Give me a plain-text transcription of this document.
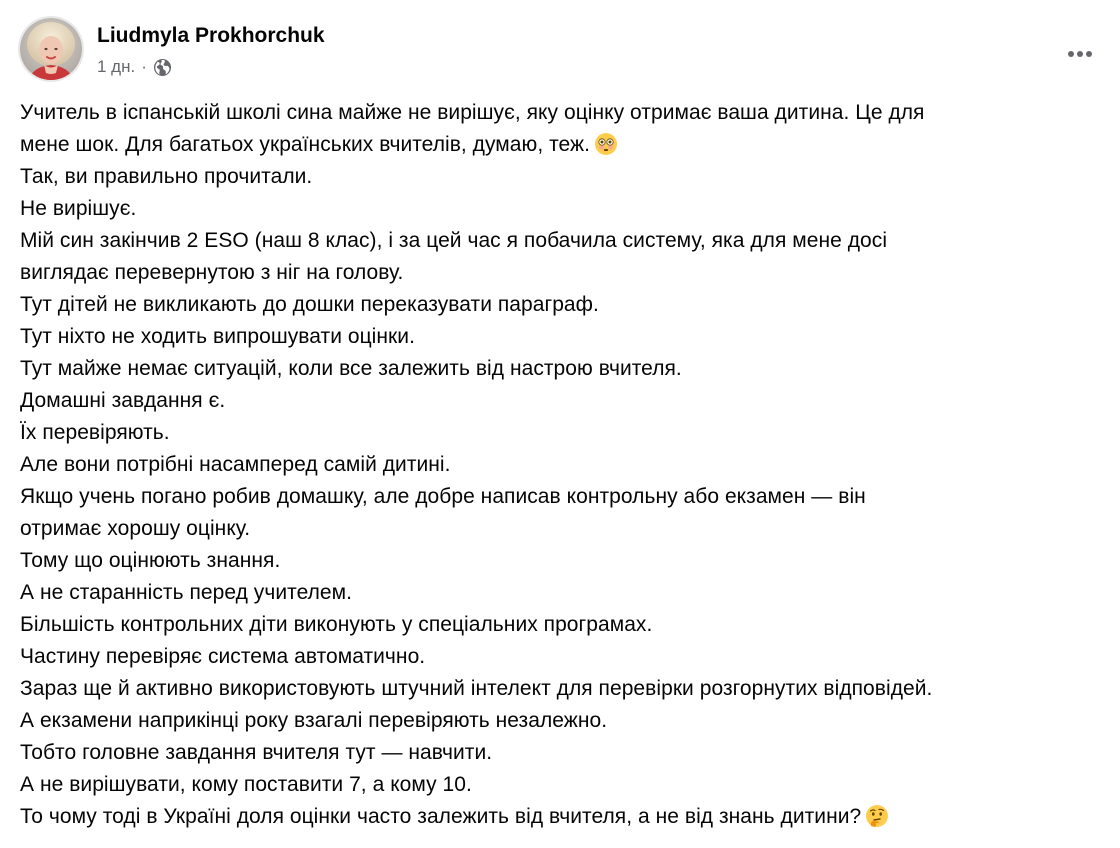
Liudmyla Prokhorchuk
1 дн. ·

Учитель в іспанській школі сина майже не вирішує, яку оцінку отримає ваша дитина. Це для

мене шок. Для багатьох українських вчителів, думаю, теж.

Так, ви правильно прочитали.

Не вирішує.

Мій син закінчив 2 ESO (наш 8 клас), і за цей час я побачила систему, яка для мене досі

виглядає перевернутою з ніг на голову.

Тут дітей не викликають до дошки переказувати параграф.

Тут ніхто не ходить випрошувати оцінки.

Тут майже немає ситуацій, коли все залежить від настрою вчителя.

Домашні завдання є.

Їх перевіряють.

Але вони потрібні насамперед самій дитині.

Якщо учень погано робив домашку, але добре написав контрольну або екзамен — він

отримає хорошу оцінку.

Тому що оцінюють знання.

А не старанність перед учителем.

Більшість контрольних діти виконують у спеціальних програмах.

Частину перевіряє система автоматично.

Зараз ще й активно використовують штучний інтелект для перевірки розгорнутих відповідей.

А екзамени наприкінці року взагалі перевіряють незалежно.

Тобто головне завдання вчителя тут — навчити.

А не вирішувати, кому поставити 7, а кому 10.

То чому тоді в Україні доля оцінки часто залежить від вчителя, а не від знань дитини?
